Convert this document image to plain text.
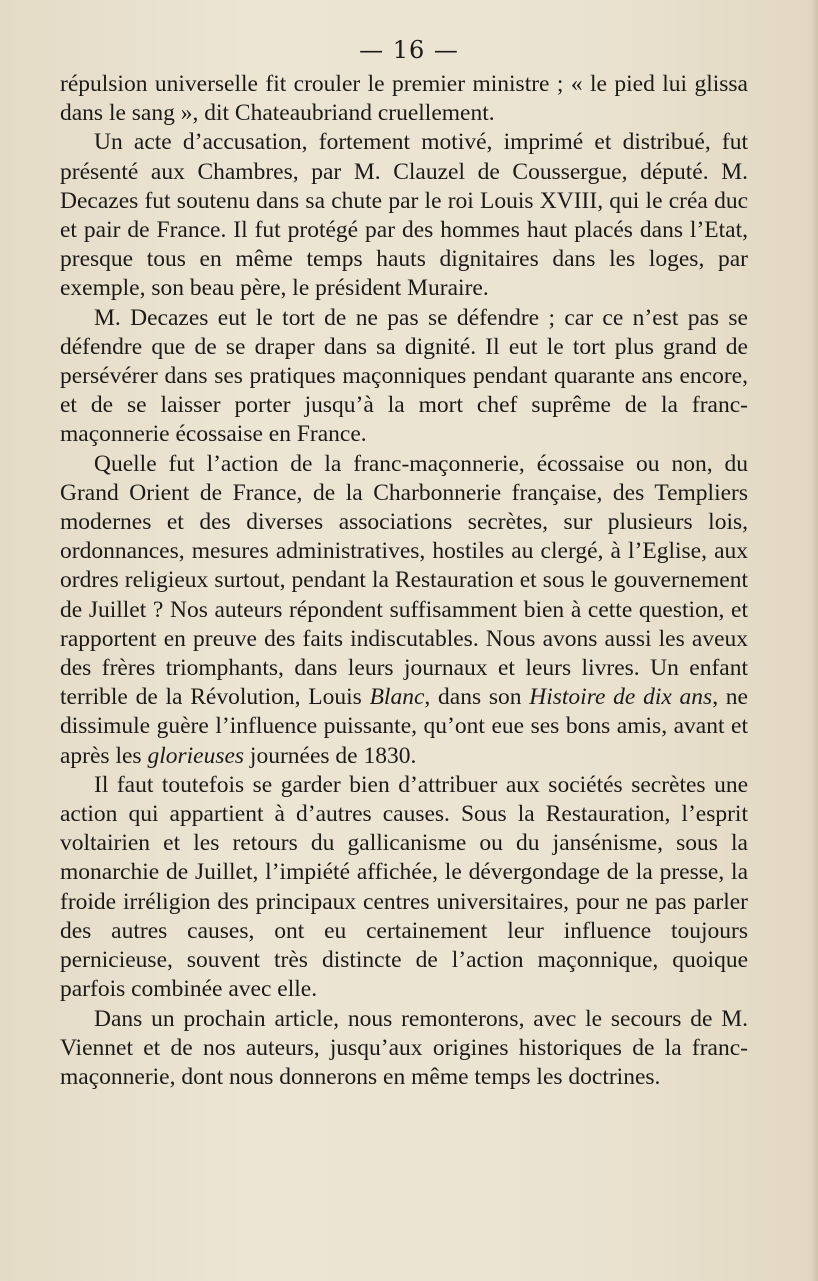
— 16 —

répulsion universelle fit crouler le premier ministre ; « le pied lui glissa dans le sang », dit Chateaubriand cruellement.

Un acte d’accusation, fortement motivé, imprimé et distribué, fut présenté aux Chambres, par M. Clauzel de Coussergue, député. M. Decazes fut soutenu dans sa chute par le roi Louis XVIII, qui le créa duc et pair de France. Il fut protégé par des hommes haut placés dans l’Etat, presque tous en même temps hauts dignitaires dans les loges, par exemple, son beau père, le président Muraire.

M. Decazes eut le tort de ne pas se défendre ; car ce n’est pas se défendre que de se draper dans sa dignité. Il eut le tort plus grand de persévérer dans ses pratiques maçonniques pendant quarante ans encore, et de se laisser porter jusqu’à la mort chef suprême de la franc-maçonnerie écossaise en France.

Quelle fut l’action de la franc-maçonnerie, écossaise ou non, du Grand Orient de France, de la Charbonnerie française, des Templiers modernes et des diverses associations secrètes, sur plusieurs lois, ordonnances, mesures administratives, hostiles au clergé, à l’Eglise, aux ordres religieux surtout, pendant la Restauration et sous le gouvernement de Juillet ? Nos auteurs répondent suffisamment bien à cette question, et rapportent en preuve des faits indiscutables. Nous avons aussi les aveux des frères triomphants, dans leurs journaux et leurs livres. Un enfant terrible de la Révolution, Louis Blanc, dans son Histoire de dix ans, ne dissimule guère l’influence puissante, qu’ont eue ses bons amis, avant et après les glorieuses journées de 1830.

Il faut toutefois se garder bien d’attribuer aux sociétés secrètes une action qui appartient à d’autres causes. Sous la Restauration, l’esprit voltairien et les retours du gallicanisme ou du jansénisme, sous la monarchie de Juillet, l’impiété affichée, le dévergondage de la presse, la froide irréligion des principaux centres universitaires, pour ne pas parler des autres causes, ont eu certainement leur influence toujours pernicieuse, souvent très distincte de l’action maçonnique, quoique parfois combinée avec elle.

Dans un prochain article, nous remonterons, avec le secours de M. Viennet et de nos auteurs, jusqu’aux origines historiques de la franc-maçonnerie, dont nous donnerons en même temps les doctrines.
